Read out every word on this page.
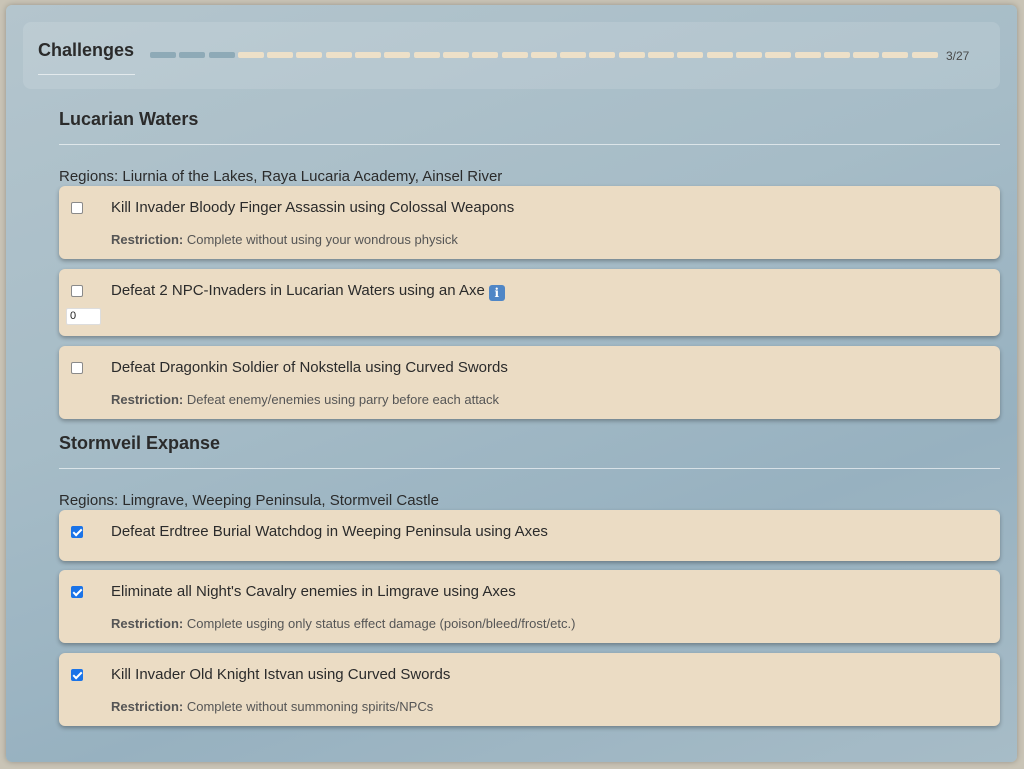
Challenges	3/27
Lucarian Waters
Regions: Liurnia of the Lakes, Raya Lucaria Academy, Ainsel River
Kill Invader Bloody Finger Assassin using Colossal Weapons
Restriction: Complete without using your wondrous physick
Defeat 2 NPC-Invaders in Lucarian Waters using an Axe i
0
Defeat Dragonkin Soldier of Nokstella using Curved Swords
Restriction: Defeat enemy/enemies using parry before each attack
Stormveil Expanse
Regions: Limgrave, Weeping Peninsula, Stormveil Castle
Defeat Erdtree Burial Watchdog in Weeping Peninsula using Axes
Eliminate all Night's Cavalry enemies in Limgrave using Axes
Restriction: Complete usging only status effect damage (poison/bleed/frost/etc.)
Kill Invader Old Knight Istvan using Curved Swords
Restriction: Complete without summoning spirits/NPCs
